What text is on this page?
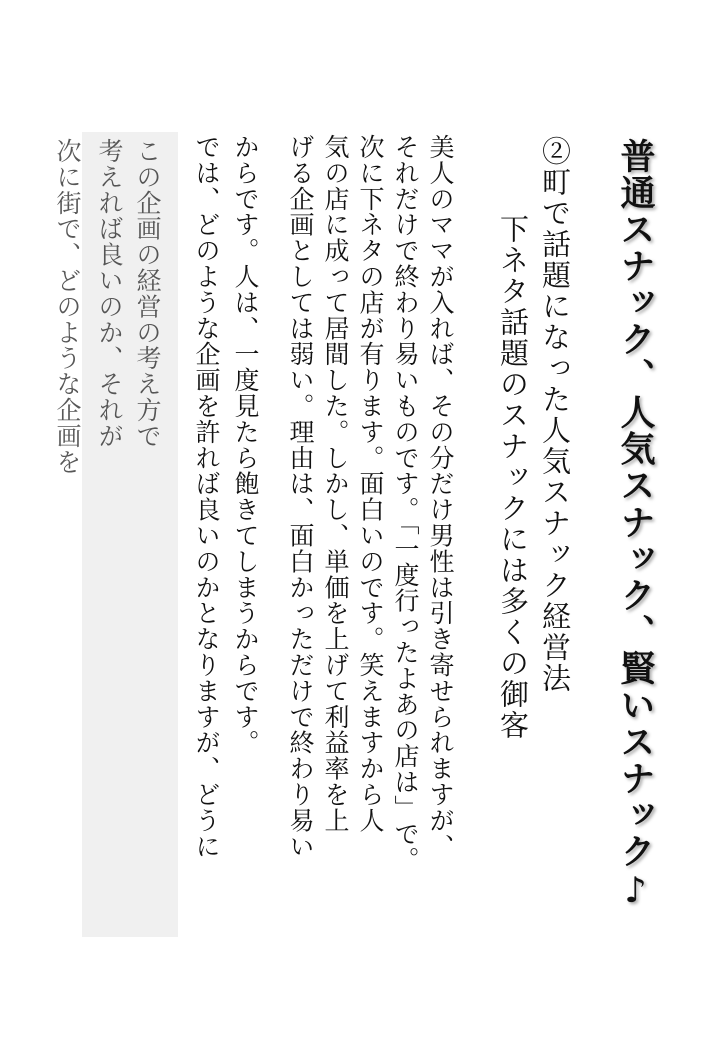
普通スナック、人気スナック、賢いスナック♪
②町で話題になった人気スナック経営法
下ネタ話題のスナックには多くの御客
美人のママが入れば、その分だけ男性は引き寄せられますが、
それだけで終わり易いものです。「一度行ったよあの店は」で。
次に下ネタの店が有ります。面白いのです。笑えますから人
気の店に成って居間した。しかし、単価を上げて利益率を上
げる企画としては弱い。理由は、面白かっただけで終わり易い
からです。人は、一度見たら飽きてしまうからです。
では、どのような企画を許れば良いのかとなりますが、どうに
次に街で、どのような企画を 考えれば良いのか、それが この企画の経営の考え方で
